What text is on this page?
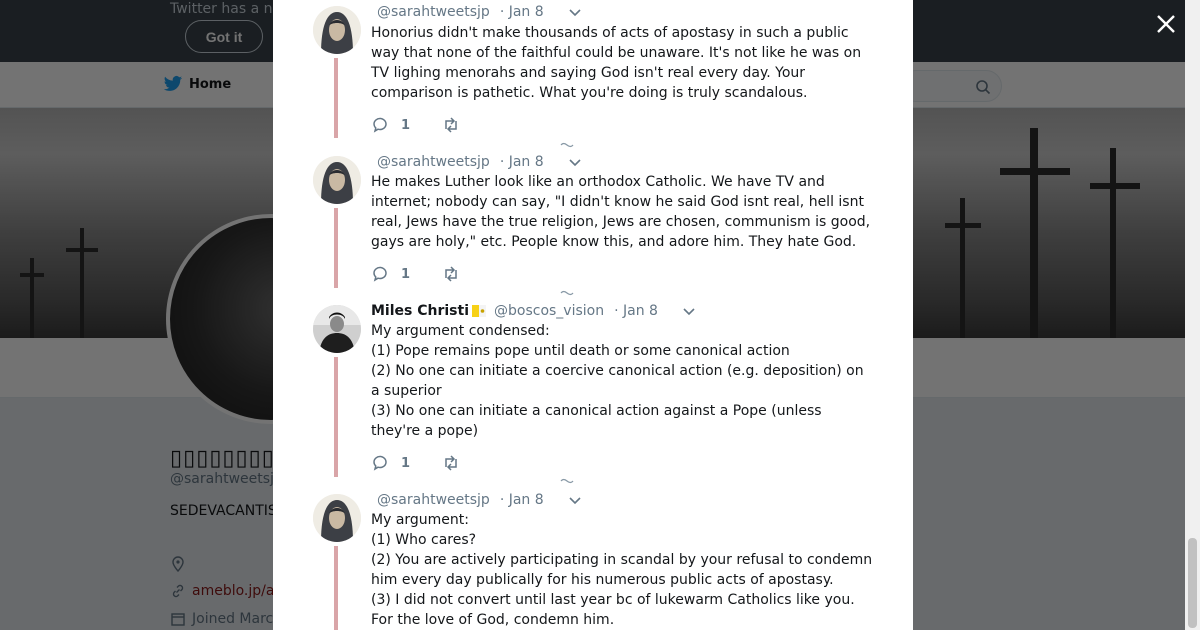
@sarahtweetsjp · Jan 8

Honorius didn't make thousands of acts of apostasy in such a public

way that none of the faithful could be unaware. It's not like he was on

TV lighing menorahs and saying God isn't real every day. Your

comparison is pathetic. What you're doing is truly scandalous.

1
@sarahtweetsjp · Jan 8

He makes Luther look like an orthodox Catholic. We have TV and

internet; nobody can say, "I didn't know he said God isnt real, hell isnt

real, Jews have the true religion, Jews are chosen, communism is good,

gays are holy," etc. People know this, and adore him. They hate God.

1
Miles Christi @boscos_vision · Jan 8

My argument condensed:

(1) Pope remains pope until death or some canonical action

(2) No one can initiate a coercive canonical action (e.g. deposition) on

a superior

(3) No one can initiate a canonical action against a Pope (unless

they're a pope)

1
@sarahtweetsjp · Jan 8

My argument:

(1) Who cares?

(2) You are actively participating in scandal by your refusal to condemn

him every day publically for his numerous public acts of apostasy.

(3) I did not convert until last year bc of lukewarm Catholics like you.

For the love of God, condemn him.
